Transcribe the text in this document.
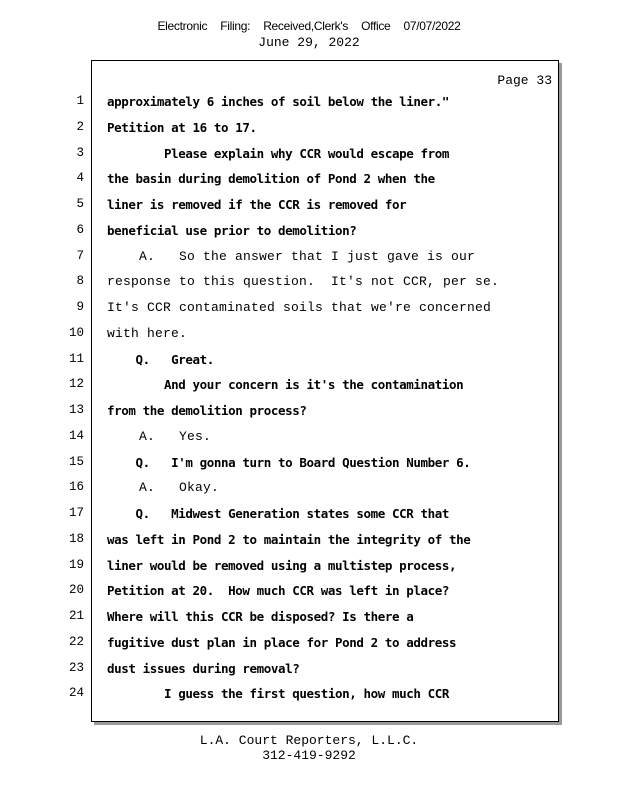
Electronic Filing: Received,Clerk's Office 07/07/2022
June 29, 2022
Page 33
1 approximately 6 inches of soil below the liner."
2 Petition at 16 to 17.
3 Please explain why CCR would escape from
4 the basin during demolition of Pond 2 when the
5 liner is removed if the CCR is removed for
6 beneficial use prior to demolition?
7 A.   So the answer that I just gave is our
8 response to this question.  It's not CCR, per se.
9 It's CCR contaminated soils that we're concerned
10 with here.
11 Q.   Great.
12 And your concern is it's the contamination
13 from the demolition process?
14 A.   Yes.
15 Q.   I'm gonna turn to Board Question Number 6.
16 A.   Okay.
17 Q.   Midwest Generation states some CCR that
18 was left in Pond 2 to maintain the integrity of the
19 liner would be removed using a multistep process,
20 Petition at 20.  How much CCR was left in place?
21 Where will this CCR be disposed? Is there a
22 fugitive dust plan in place for Pond 2 to address
23 dust issues during removal?
24 I guess the first question, how much CCR
L.A. Court Reporters, L.L.C.
312-419-9292
